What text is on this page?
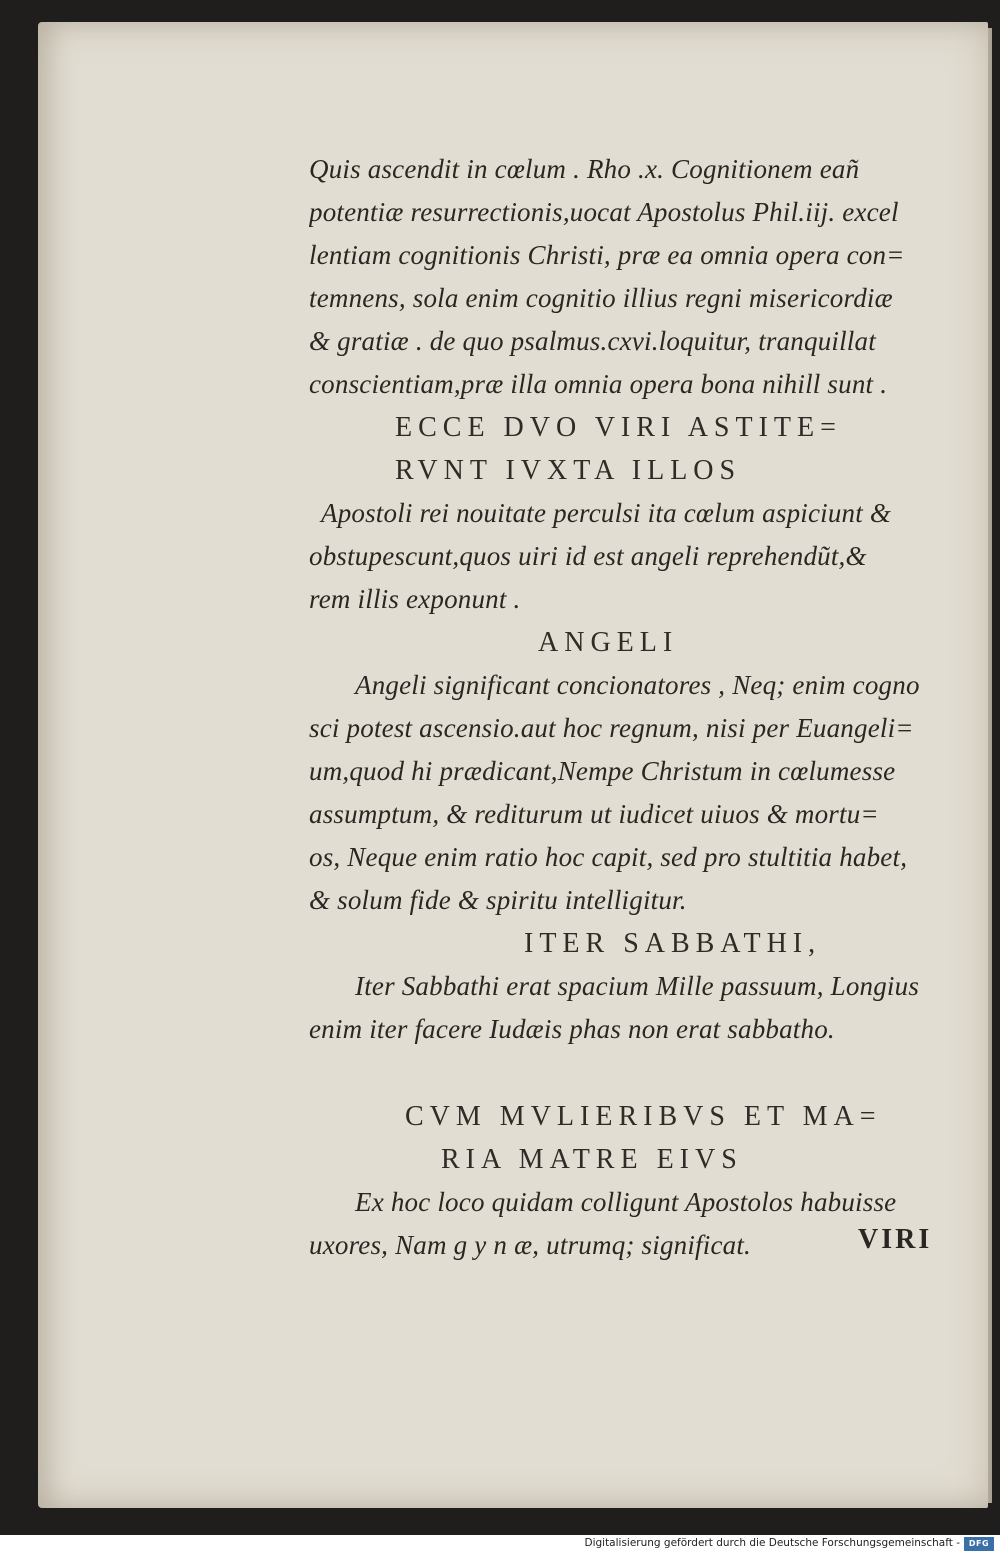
Quis ascendit in cœlum . Rho .x. Cognitionem eañ
potentiæ resurrectionis,uocat Apostolus Phil.iij. excel
lentiam cognitionis Christi, præ ea omnia opera con=
temnens, sola enim cognitio illius regni misericordiæ
& gratiæ . de quo psalmus.cxvi.loquitur, tranquillat
conscientiam,præ illa omnia opera bona nihill sunt .
ECCE DVO VIRI ASTITE=
RVNT IVXTA ILLOS
Apostoli rei nouitate perculsi ita cœlum aspiciunt &
obstupescunt,quos uiri id est angeli reprehendũt,&
rem illis exponunt .
ANGELI
Angeli significant concionatores , Neq; enim cogno
sci potest ascensio.aut hoc regnum, nisi per Euangeli=
um,quod hi prædicant,Nempe Christum in cœlumesse
assumptum, & rediturum ut iudicet uiuos & mortu=
os, Neque enim ratio hoc capit, sed pro stultitia habet,
& solum fide & spiritu intelligitur.
ITER SABBATHI,
Iter Sabbathi erat spacium Mille passuum, Longius
enim iter facere Iudæis phas non erat sabbatho.
CVM MVLIERIBVS ET MA=
RIA MATRE EIVS
Ex hoc loco quidam colligunt Apostolos habuisse
uxores, Nam g y n æ, utrumq; significat.	VIRI
Digitalisierung gefördert durch die Deutsche Forschungsgemeinschaft -	DFG
